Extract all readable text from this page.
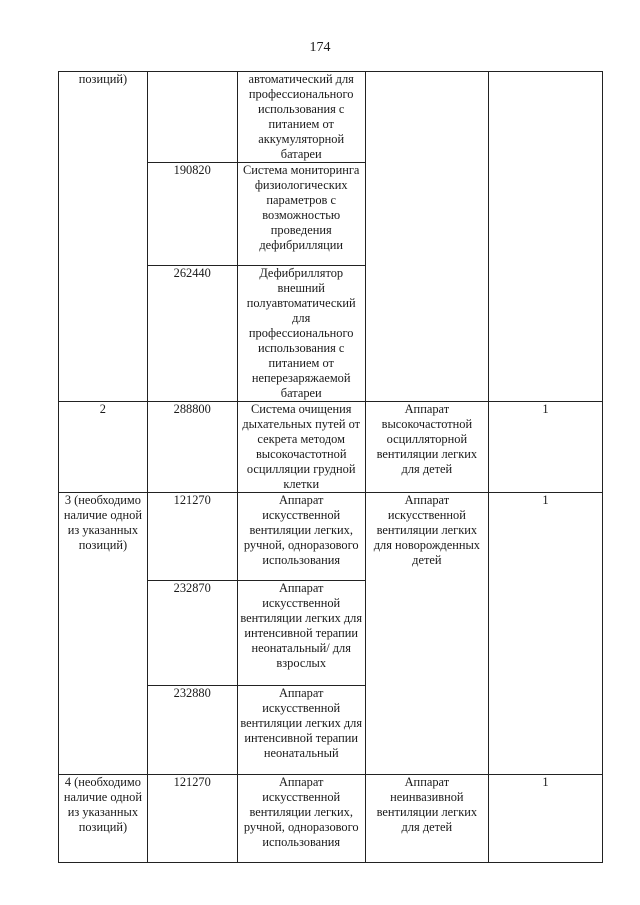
174
позиций)		автоматический для профессионального использования с питанием от аккумуляторной батареи		
	190820	Система мониторинга физиологических параметров с возможностью проведения дефибрилляции		
	262440	Дефибриллятор внешний полуавтоматический для профессионального использования с питанием от неперезаряжаемой батареи		
2	288800	Система очищения дыхательных путей от секрета методом высокочастотной осцилляции грудной клетки	Аппарат высокочастотной осцилляторной вентиляции легких для детей	1
3 (необходимо наличие одной из указанных позиций)	121270	Аппарат искусственной вентиляции легких, ручной, одноразового использования	Аппарат искусственной вентиляции легких для новорожденных детей	1
	232870	Аппарат искусственной вентиляции легких для интенсивной терапии неонатальный/ для взрослых		
	232880	Аппарат искусственной вентиляции легких для интенсивной терапии неонатальный		
4 (необходимо наличие одной из указанных позиций)	121270	Аппарат искусственной вентиляции легких, ручной, одноразового использования	Аппарат неинвазивной вентиляции легких для детей	1
